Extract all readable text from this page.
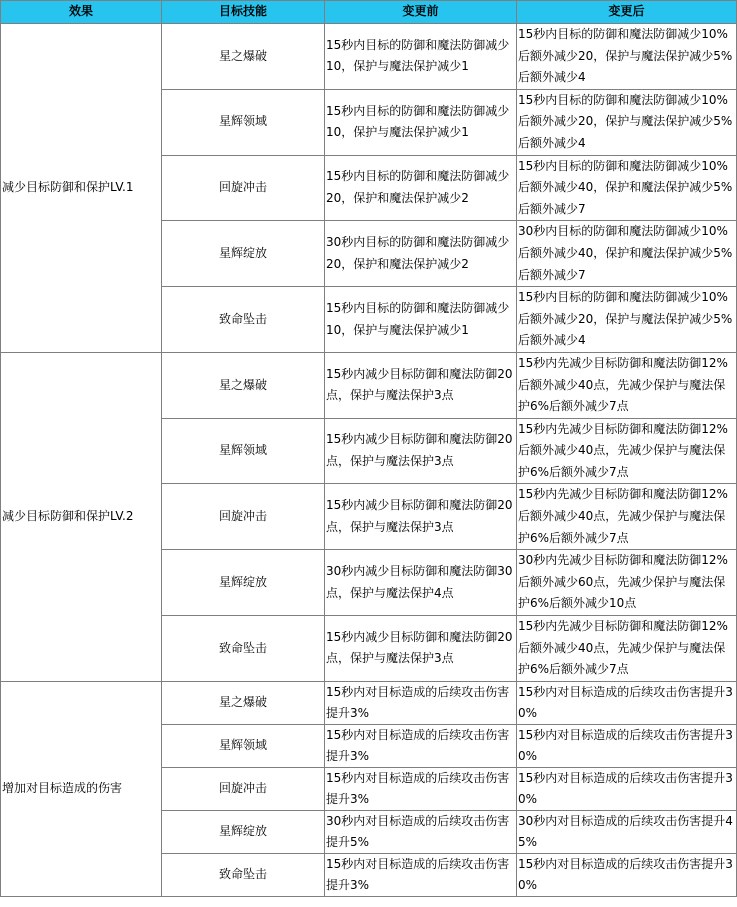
效果	目标技能	变更前	变更后
减少目标防御和保护LV.1	星之爆破	15秒内目标的防御和魔法防御减少10，保护与魔法保护减少1	15秒内目标的防御和魔法防御减少10%后额外减少20，保护与魔法保护减少5%后额外减少4
	星辉领域	15秒内目标的防御和魔法防御减少10，保护与魔法保护减少1	15秒内目标的防御和魔法防御减少10%后额外减少20，保护与魔法保护减少5%后额外减少4
	回旋冲击	15秒内目标的防御和魔法防御减少20，保护和魔法保护减少2	15秒内目标的防御和魔法防御减少10%后额外减少40，保护和魔法保护减少5%后额外减少7
	星辉绽放	30秒内目标的防御和魔法防御减少20，保护和魔法保护减少2	30秒内目标的防御和魔法防御减少10%后额外减少40，保护和魔法保护减少5%后额外减少7
	致命坠击	15秒内目标的防御和魔法防御减少10，保护与魔法保护减少1	15秒内目标的防御和魔法防御减少10%后额外减少20，保护与魔法保护减少5%后额外减少4
减少目标防御和保护LV.2	星之爆破	15秒内减少目标防御和魔法防御20点，保护与魔法保护3点	15秒内先减少目标防御和魔法防御12%后额外减少40点，先减少保护与魔法保护6%后额外减少7点
	星辉领域	15秒内减少目标防御和魔法防御20点，保护与魔法保护3点	15秒内先减少目标防御和魔法防御12%后额外减少40点，先减少保护与魔法保护6%后额外减少7点
	回旋冲击	15秒内减少目标防御和魔法防御20点，保护与魔法保护3点	15秒内先减少目标防御和魔法防御12%后额外减少40点，先减少保护与魔法保护6%后额外减少7点
	星辉绽放	30秒内减少目标防御和魔法防御30点，保护与魔法保护4点	30秒内先减少目标防御和魔法防御12%后额外减少60点，先减少保护与魔法保护6%后额外减少10点
	致命坠击	15秒内减少目标防御和魔法防御20点，保护与魔法保护3点	15秒内先减少目标防御和魔法防御12%后额外减少40点，先减少保护与魔法保护6%后额外减少7点
增加对目标造成的伤害	星之爆破	15秒内对目标造成的后续攻击伤害提升3%	15秒内对目标造成的后续攻击伤害提升30%
	星辉领域	15秒内对目标造成的后续攻击伤害提升3%	15秒内对目标造成的后续攻击伤害提升30%
	回旋冲击	15秒内对目标造成的后续攻击伤害提升3%	15秒内对目标造成的后续攻击伤害提升30%
	星辉绽放	30秒内对目标造成的后续攻击伤害提升5%	30秒内对目标造成的后续攻击伤害提升45%
	致命坠击	15秒内对目标造成的后续攻击伤害提升3%	15秒内对目标造成的后续攻击伤害提升30%
